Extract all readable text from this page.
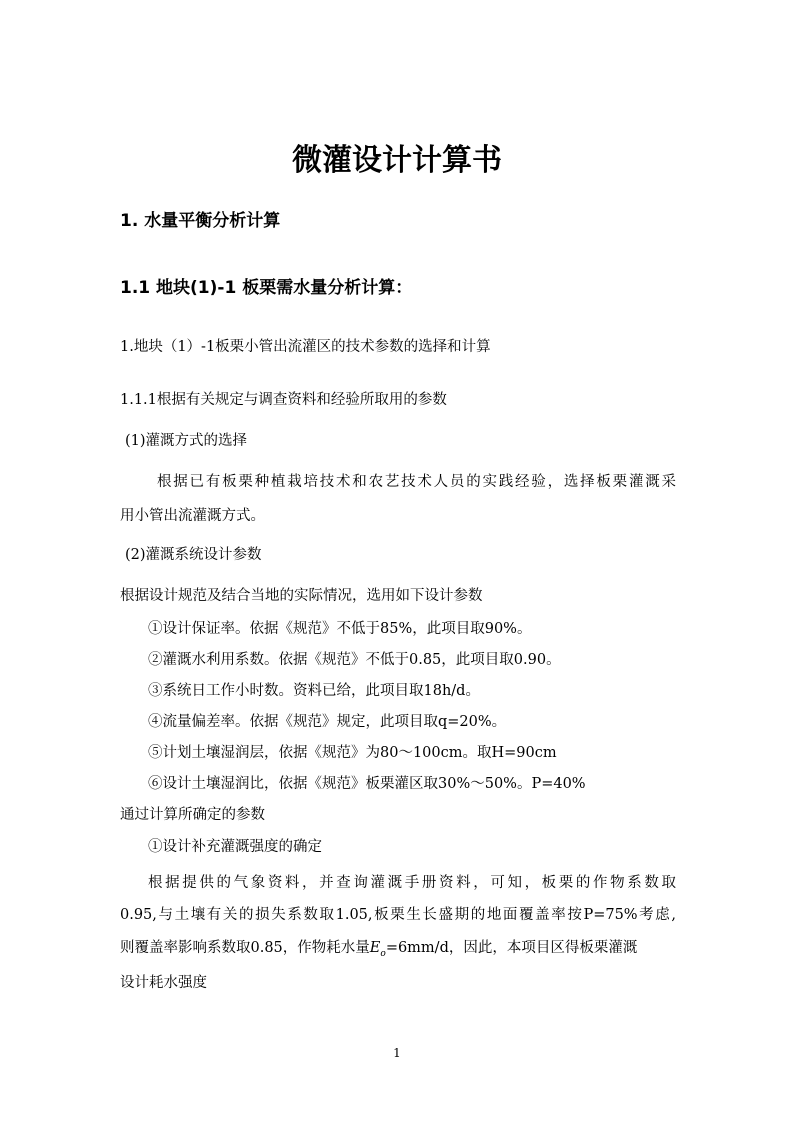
微灌设计计算书
1. 水量平衡分析计算
1.1 地块(1)-1 板栗需水量分析计算：
1.地块（1）-1板栗小管出流灌区的技术参数的选择和计算
1.1.1根据有关规定与调查资料和经验所取用的参数
(1)灌溉方式的选择
根据已有板栗种植栽培技术和农艺技术人员的实践经验，选择板栗灌溉采
用小管出流灌溉方式。
(2)灌溉系统设计参数
根据设计规范及结合当地的实际情况，选用如下设计参数
①设计保证率。依据《规范》不低于85%，此项目取90%。
②灌溉水利用系数。依据《规范》不低于0.85，此项目取0.90。
③系统日工作小时数。资料已给，此项目取18h/d。
④流量偏差率。依据《规范》规定，此项目取q=20%。
⑤计划土壤湿润层，依据《规范》为80～100cm。取H=90cm
⑥设计土壤湿润比，依据《规范》板栗灌区取30%～50%。P=40%
通过计算所确定的参数
①设计补充灌溉强度的确定
根据提供的气象资料，并查询灌溉手册资料，可知，板栗的作物系数取
0.95,与土壤有关的损失系数取1.05,板栗生长盛期的地面覆盖率按P=75%考虑,
则覆盖率影响系数取0.85，作物耗水量$E_o=6mm/d$，因此，本项目区得板栗灌溉
设计耗水强度
1
